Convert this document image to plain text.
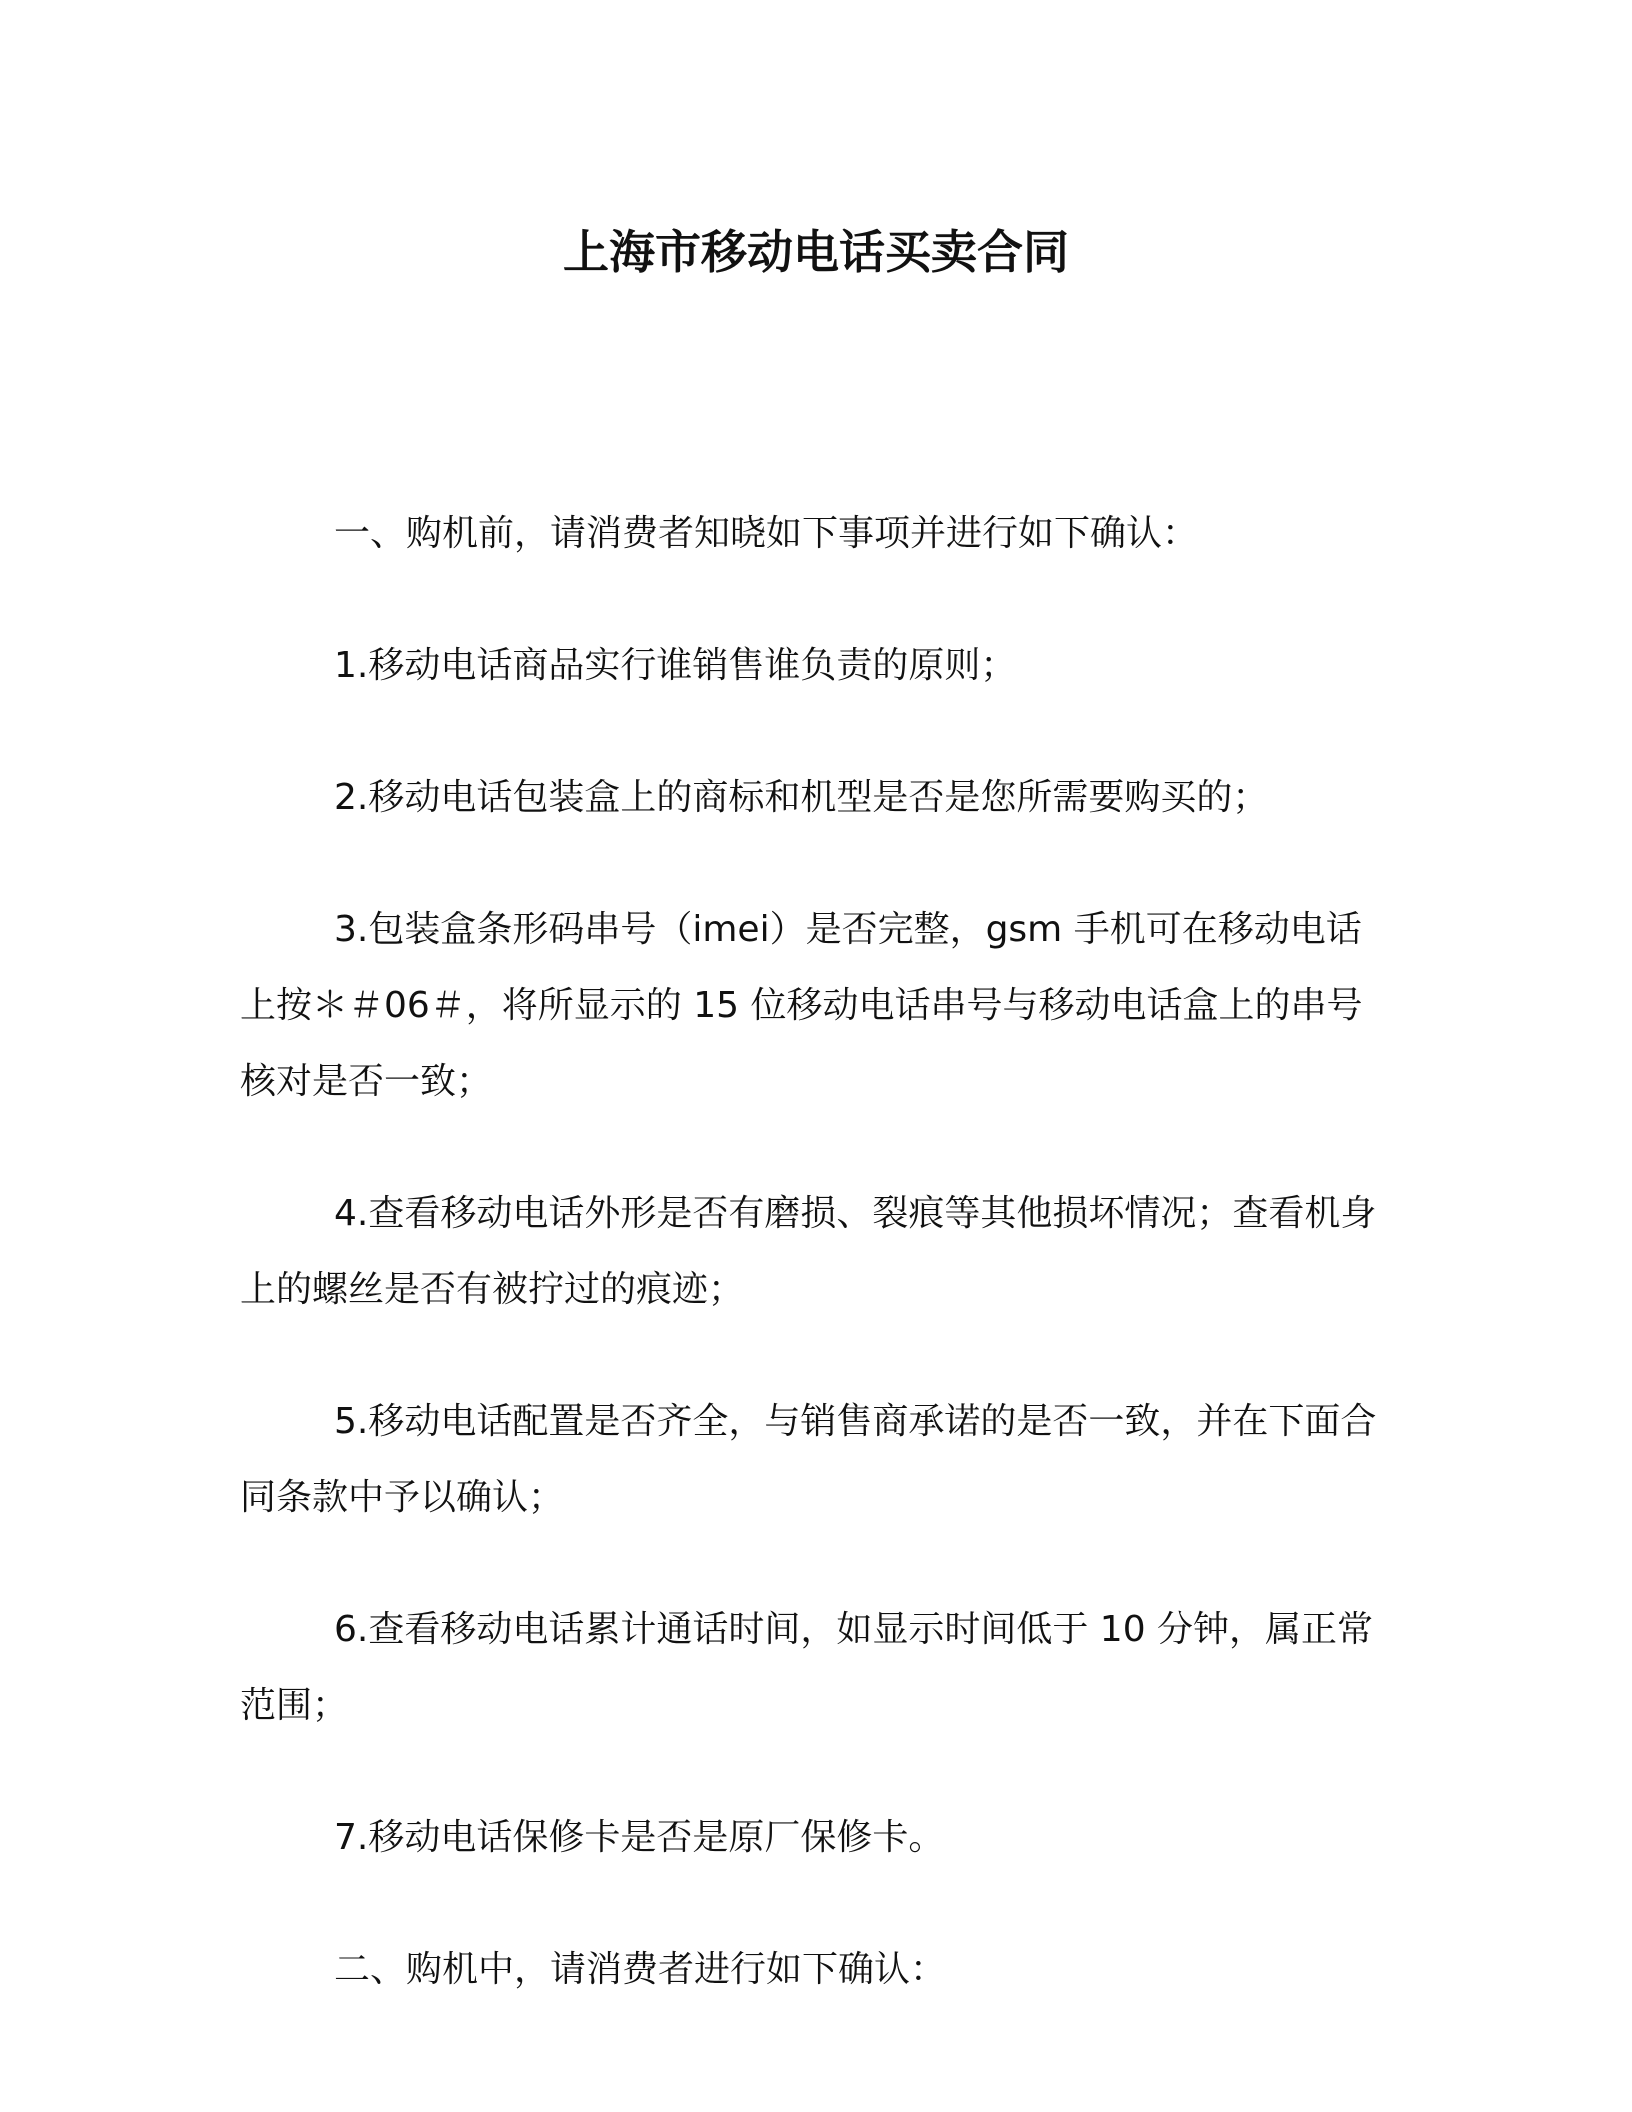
上海市移动电话买卖合同

一、购机前，请消费者知晓如下事项并进行如下确认：

1.移动电话商品实行谁销售谁负责的原则；

2.移动电话包装盒上的商标和机型是否是您所需要购买的；

3.包装盒条形码串号（imei）是否完整，gsm 手机可在移动电话上按＊＃06＃，将所显示的 15 位移动电话串号与移动电话盒上的串号核对是否一致；

4.查看移动电话外形是否有磨损、裂痕等其他损坏情况；查看机身上的螺丝是否有被拧过的痕迹；

5.移动电话配置是否齐全，与销售商承诺的是否一致，并在下面合同条款中予以确认；

6.查看移动电话累计通话时间，如显示时间低于 10 分钟，属正常范围；

7.移动电话保修卡是否是原厂保修卡。

二、购机中，请消费者进行如下确认：
